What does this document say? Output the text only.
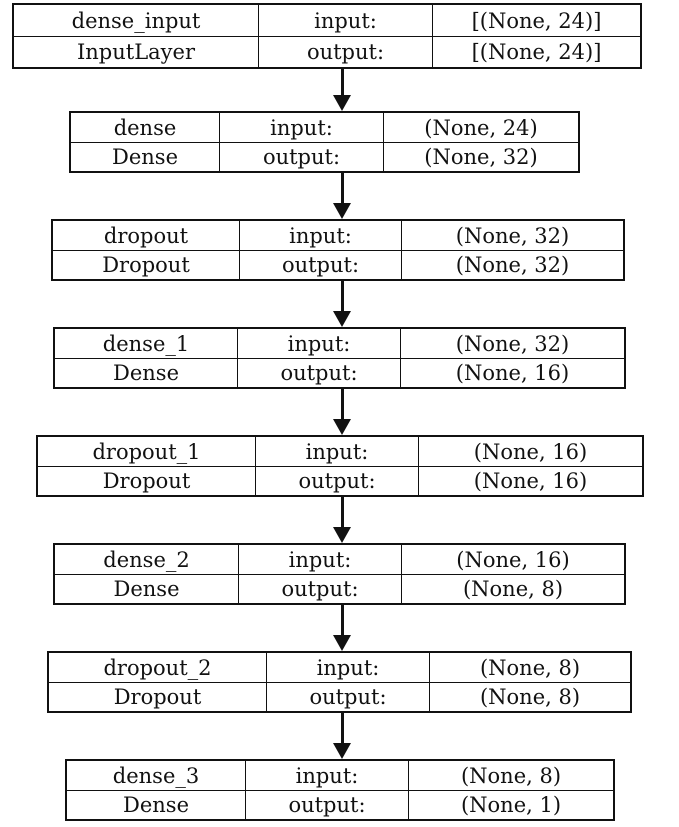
dense_input	input:	[(None, 24)]
InputLayer	output:	[(None, 24)]
dense	input:	(None, 24)
Dense	output:	(None, 32)
dropout	input:	(None, 32)
Dropout	output:	(None, 32)
dense_1	input:	(None, 32)
Dense	output:	(None, 16)
dropout_1	input:	(None, 16)
Dropout	output:	(None, 16)
dense_2	input:	(None, 16)
Dense	output:	(None, 8)
dropout_2	input:	(None, 8)
Dropout	output:	(None, 8)
dense_3	input:	(None, 8)
Dense	output:	(None, 1)
